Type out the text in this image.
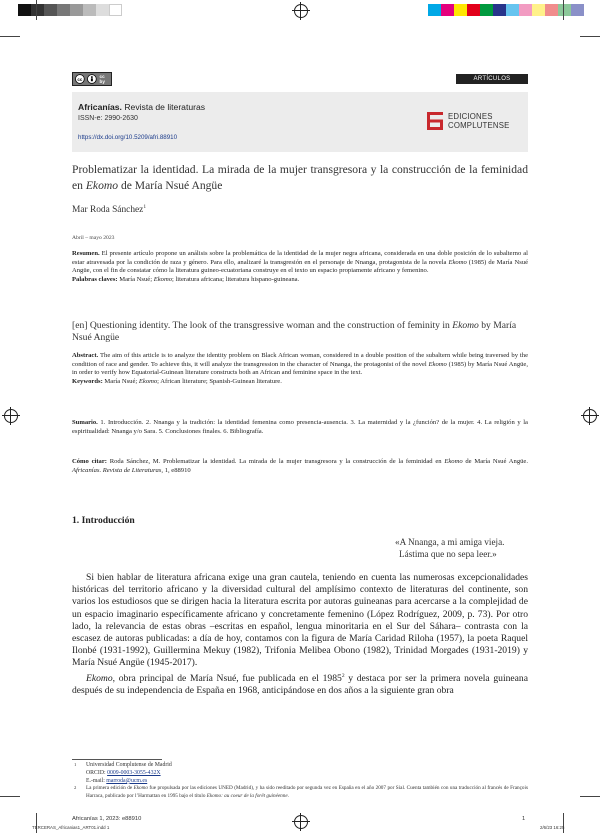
cc
cc by	ARTÍCULOS
Africanías. Revista de literaturas
ISSN-e: 2990-2630
https://dx.doi.org/10.5209/afri.88910
EDICIONES
COMPLUTENSE
Problematizar la identidad. La mirada de la mujer transgresora y la construcción de la feminidad en Ekomo de María Nsué Angüe
Mar Roda Sánchez$^1$
Abril – mayo 2023
Resumen. El presente artículo propone un análisis sobre la problemática de la identidad de la mujer negra africana, considerada en una doble posición de lo subalterno al estar atravesada por la condición de raza y género. Para ello, analizaré la transgresión en el personaje de Nnanga, protagonista de la novela Ekomo (1985) de María Nsué Angüe, con el fin de constatar cómo la literatura guineo-ecuatoriana construye en el texto un espacio propiamente africano y femenino.
Palabras claves: María Nsué; Ekomo; literatura africana; literatura hispano-guineana.
[en] Questioning identity. The look of the transgressive woman and the construction of feminity in Ekomo by María Nsué Angüe
Abstract. The aim of this article is to analyze the identity problem on Black African woman, considered in a double position of the subaltern while being traversed by the condition of race and gender. To achieve this, it will analyze the transgression in the character of Nnanga, the protagonist of the novel Ekomo (1985) by María Nsué Angüe, in order to verify how Equatorial-Guinean literature constructs both an African and feminine space in the text.
Keywords: María Nsué; Ekomo; African literature; Spanish-Guinean literature.
Sumario. 1. Introducción. 2. Nnanga y la tradición: la identidad femenina como presencia-ausencia. 3. La maternidad y la ¿función? de la mujer. 4. La religión y la espiritualidad: Nnanga y/o Sara. 5. Conclusiones finales. 6. Bibliografía.
Cómo citar: Roda Sánchez, M. Problematizar la identidad. La mirada de la mujer transgresora y la construcción de la feminidad en Ekomo de María Nsué Angüe. Africanías. Revista de Literaturas, 1, e88910
1. Introducción
«A Nnanga, a mi amiga vieja.
Lástima que no sepa leer.»

Si bien hablar de literatura africana exige una gran cautela, teniendo en cuenta las numerosas excepcionalidades históricas del territorio africano y la diversidad cultural del amplísimo contexto de literaturas del continente, son varios los estudiosos que se dirigen hacia la literatura escrita por autoras guineanas para acercarse a la complejidad de un espacio imaginario específicamente africano y concretamente femenino (López Rodríguez, 2009, p. 73). Por otro lado, la relevancia de estas obras –escritas en español, lengua minoritaria en el Sur del Sáhara– contrasta con la escasez de autoras publicadas: a día de hoy, contamos con la figura de María Caridad Riloha (1957), la poeta Raquel Ilonbé (1931-1992), Guillermina Mekuy (1982), Trifonia Melibea Obono (1982), Trinidad Morgades (1931-2019) y María Nsué Angüe (1945-2017).

Ekomo, obra principal de María Nsué, fue publicada en el 1985$^2$ y destaca por ser la primera novela guineana después de su independencia de España en 1968, anticipándose en dos años a la siguiente gran obra

1 Universidad Complutense de Madrid
ORCID: 0009-0003-3055-432X
E.-mail: marroda@ucm.es
2 La primera edición de Ekomo fue propulsada por las ediciones UNED (Madrid), y ha sido reeditado por segunda vez en España en el año 2007 por Sial. Cuenta también con una traducción al francés de François Harraca, publicado por l’Harmattan en 1995 bajo el título Ekomo: au coeur de la forêt guinéenne.
Africanías 1, 2023: e88910	1
TERCERAS_Africanias1_ART01.indd 1	2/6/23 16:25
